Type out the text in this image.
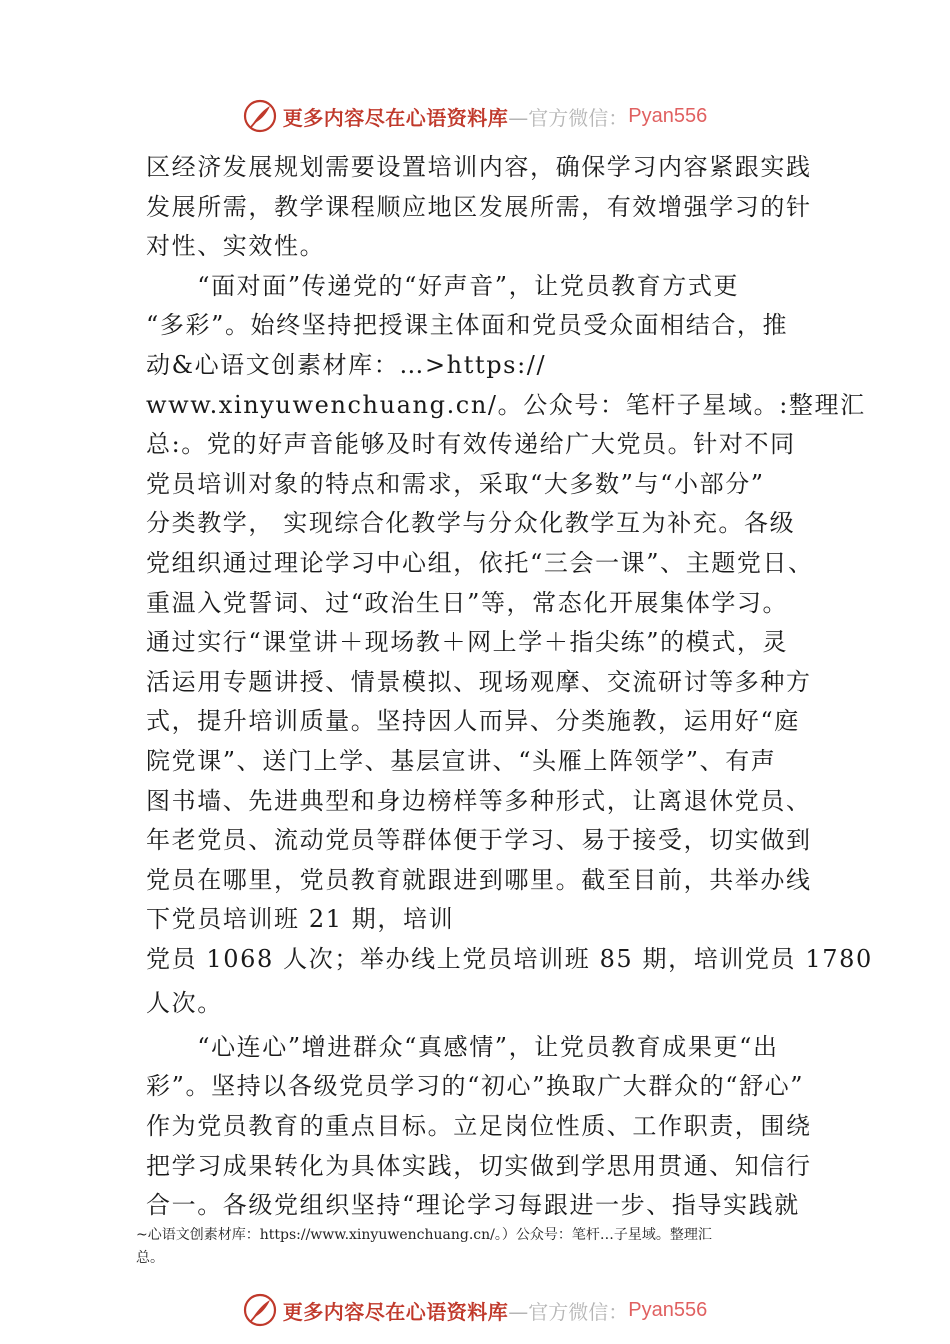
更多内容尽在心语资料库 —官方微信： Pyan556
区经济发展规划需要设置培训内容，确保学习内容紧跟实践
发展所需，教学课程顺应地区发展所需，有效增强学习的针
对性、实效性。
　　“面对面”传递党的“好声音”，让党员教育方式更
“多彩”。始终坚持把授课主体面和党员受众面相结合，推
动&心语文创素材库：…>https://
www.xinyuwenchuang.cn/。公众号：笔杆子星域。:整理汇
总:。党的好声音能够及时有效传递给广大党员。针对不同
党员培训对象的特点和需求，采取“大多数”与“小部分”
分类教学， 实现综合化教学与分众化教学互为补充。各级
党组织通过理论学习中心组，依托“三会一课”、主题党日、
重温入党誓词、过“政治生日”等，常态化开展集体学习。
通过实行“课堂讲＋现场教＋网上学＋指尖练”的模式，灵
活运用专题讲授、情景模拟、现场观摩、交流研讨等多种方
式，提升培训质量。坚持因人而异、分类施教，运用好“庭
院党课”、送门上学、基层宣讲、“头雁上阵领学”、有声
图书墙、先进典型和身边榜样等多种形式，让离退休党员、
年老党员、流动党员等群体便于学习、易于接受，切实做到
党员在哪里，党员教育就跟进到哪里。截至目前，共举办线
下党员培训班 21 期，培训
党员 1068 人次；举办线上党员培训班 85 期，培训党员 1780
人次。
　　“心连心”增进群众“真感情”，让党员教育成果更“出
彩”。坚持以各级党员学习的“初心”换取广大群众的“舒心”
作为党员教育的重点目标。立足岗位性质、工作职责，围绕
把学习成果转化为具体实践，切实做到学思用贯通、知信行
合一。各级党组织坚持“理论学习每跟进一步、指导实践就
~心语文创素材库：https://www.xinyuwenchuang.cn/。）公众号：笔杆…子星域。整理汇
总。
更多内容尽在心语资料库 —官方微信： Pyan556
